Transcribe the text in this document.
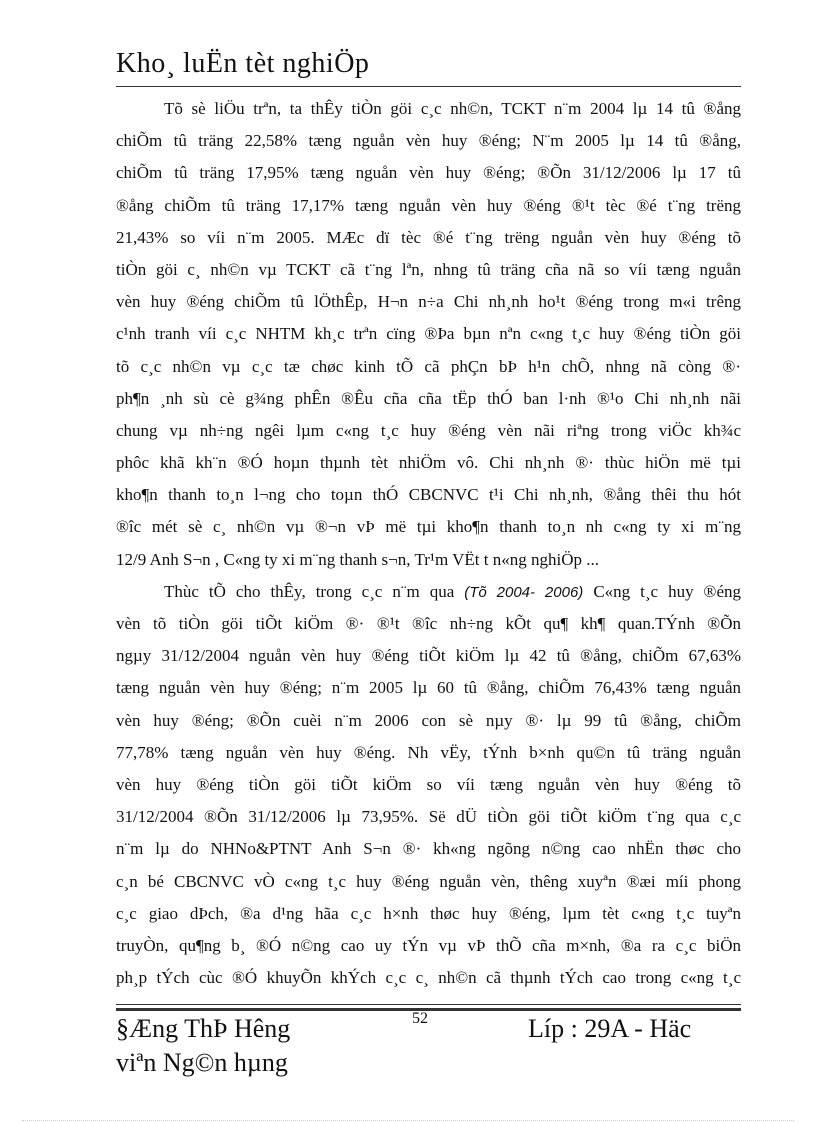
Kho¸ luËn tèt nghiÖp
Tõ sè liÖu trªn, ta thÊy tiÒn göi c¸c nh©n, TCKT n¨m 2004 lµ 14 tû ®ång
chiÕm tû träng 22,58% tæng nguån vèn huy ®éng; N¨m 2005 lµ 14 tû ®ång,
chiÕm tû träng 17,95% tæng nguån vèn huy ®éng; ®Õn 31/12/2006 lµ 17 tû
®ång chiÕm tû träng 17,17% tæng nguån vèn huy ®éng ®¹t tèc ®é t¨ng trëng
21,43% so víi n¨m 2005. MÆc dï tèc ®é t¨ng trëng nguån vèn huy ®éng tõ
tiÒn göi c¸ nh©n vµ TCKT cã t¨ng lªn, nhng tû träng cña nã so víi tæng nguån
vèn huy ®éng chiÕm tû lÖthÊp, H¬n n÷a Chi nh¸nh ho¹t ®éng trong m«i trêng
c¹nh tranh víi c¸c NHTM kh¸c trªn cïng ®Þa bµn nªn c«ng t¸c huy ®éng tiÒn göi
tõ c¸c nh©n vµ c¸c tæ chøc kinh tÕ cã phÇn bÞ h¹n chÕ, nhng nã còng ®·
ph¶n ¸nh sù cè g¾ng phÊn ®Êu cña cña tËp thÓ ban l·nh ®¹o Chi nh¸nh nãi
chung vµ nh÷ng ngêi lµm c«ng t¸c huy ®éng vèn nãi riªng trong viÖc kh¾c
phôc khã kh¨n ®Ó hoµn thµnh tèt nhiÖm vô. Chi nh¸nh ®· thùc hiÖn më tµi
kho¶n thanh to¸n l¬ng cho toµn thÓ CBCNVC t¹i Chi nh¸nh, ®ång thêi thu hót
®îc mét sè c¸ nh©n vµ ®¬n vÞ më tµi kho¶n thanh to¸n nh c«ng ty xi m¨ng
12/9 Anh S¬n , C«ng ty xi m¨ng thanh s¬n, Tr¹m VËt t n«ng nghiÖp ...
Thùc tÕ cho thÊy, trong c¸c n¨m qua (Tõ 2004- 2006) C«ng t¸c huy ®éng
vèn tõ tiÒn göi tiÕt kiÖm ®· ®¹t ®îc nh÷ng kÕt qu¶ kh¶ quan.TÝnh ®Õn
ngµy 31/12/2004 nguån vèn huy ®éng tiÕt kiÖm lµ 42 tû ®ång, chiÕm 67,63%
tæng nguån vèn huy ®éng; n¨m 2005 lµ 60 tû ®ång, chiÕm 76,43% tæng nguån
vèn huy ®éng; ®Õn cuèi n¨m 2006 con sè nµy ®· lµ 99 tû ®ång, chiÕm
77,78% tæng nguån vèn huy ®éng. Nh vËy, tÝnh b×nh qu©n tû träng nguån
vèn huy ®éng tiÒn göi tiÕt kiÖm so víi tæng nguån vèn huy ®éng tõ
31/12/2004 ®Õn 31/12/2006 lµ 73,95%. Së dÜ tiÒn göi tiÕt kiÖm t¨ng qua c¸c
n¨m lµ do NHNo&PTNT Anh S¬n ®· kh«ng ngõng n©ng cao nhËn thøc cho
c¸n bé CBCNVC vÒ c«ng t¸c huy ®éng nguån vèn, thêng xuyªn ®æi míi phong
c¸c giao dÞch, ®a d¹ng hãa c¸c h×nh thøc huy ®éng, lµm tèt c«ng t¸c tuyªn
truyÒn, qu¶ng b¸ ®Ó n©ng cao uy tÝn vµ vÞ thÕ cña m×nh, ®a ra c¸c biÖn
ph¸p tÝch cùc ®Ó khuyÕn khÝch c¸c c¸ nh©n cã thµnh tÝch cao trong c«ng t¸c
§Æng ThÞ Hêng
viªn Ng©n hµng
52	Líp : 29A - Häc
